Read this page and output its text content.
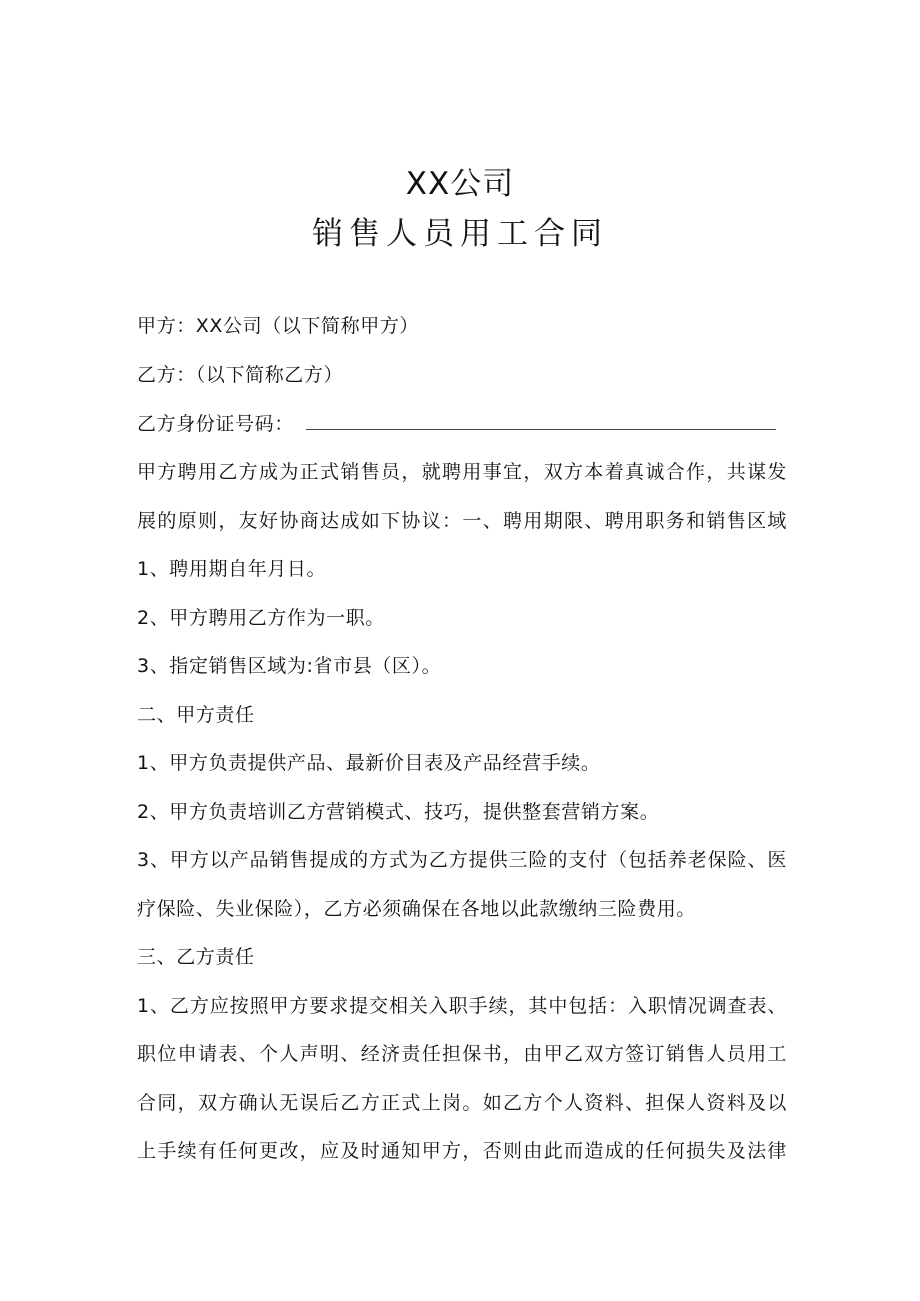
XX公司
销售人员用工合同
甲方：XX公司（以下简称甲方）
乙方：（以下简称乙方）
乙方身份证号码：
甲方聘用乙方成为正式销售员，就聘用事宜，双方本着真诚合作，共谋发
展的原则，友好协商达成如下协议：一、聘用期限、聘用职务和销售区域
1、聘用期自年月日。
2、甲方聘用乙方作为一职。
3、指定销售区域为:省市县（区）。
二、甲方责任
1、甲方负责提供产品、最新价目表及产品经营手续。
2、甲方负责培训乙方营销模式、技巧，提供整套营销方案。
3、甲方以产品销售提成的方式为乙方提供三险的支付（包括养老保险、医
疗保险、失业保险），乙方必须确保在各地以此款缴纳三险费用。
三、乙方责任
1、乙方应按照甲方要求提交相关入职手续，其中包括：入职情况调查表、
职位申请表、个人声明、经济责任担保书，由甲乙双方签订销售人员用工
合同，双方确认无误后乙方正式上岗。如乙方个人资料、担保人资料及以
上手续有任何更改，应及时通知甲方，否则由此而造成的任何损失及法律
